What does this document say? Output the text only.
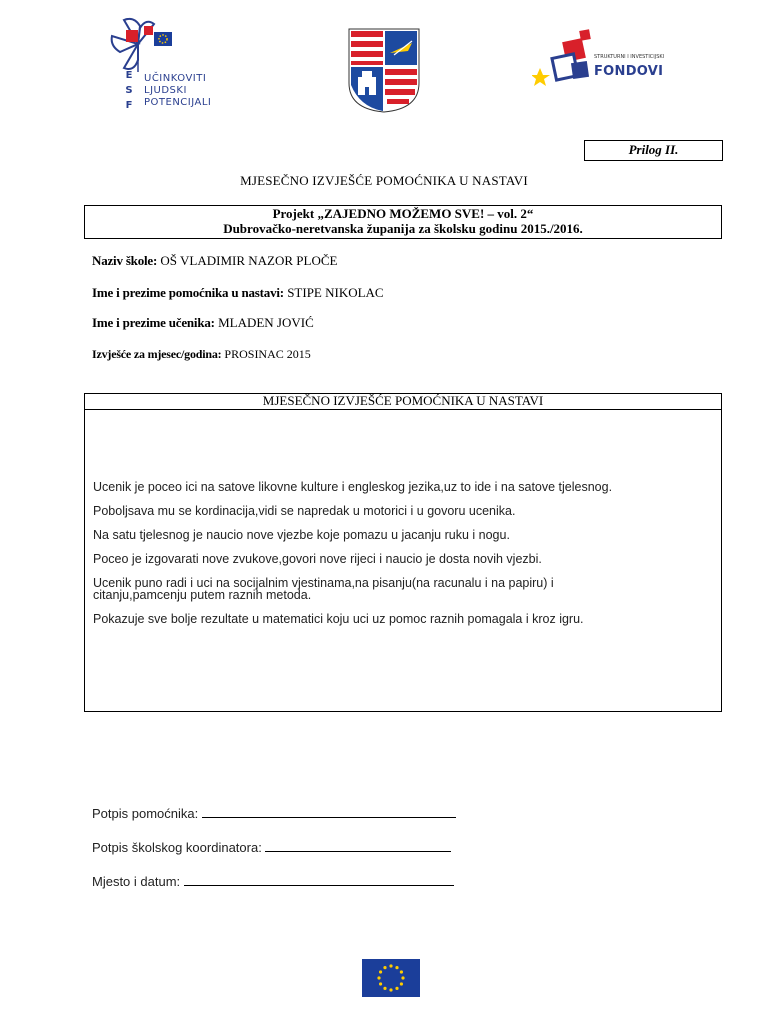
E
S
F
UČINKOVITI
LJUDSKI
POTENCIJALI
STRUKTURNI I INVESTICIJSKI
FONDOVI
Prilog II.
MJESEČNO IZVJEŠĆE POMOĆNIKA U NASTAVI
Projekt „ZAJEDNO MOŽEMO SVE! – vol. 2“
Dubrovačko-neretvanska županija za školsku godinu 2015./2016.
Naziv škole: OŠ VLADIMIR NAZOR PLOČE
Ime i prezime pomoćnika u nastavi: STIPE NIKOLAC
Ime i prezime učenika: MLADEN JOVIĆ
Izvješće za mjesec/godina: PROSINAC 2015
MJESEČNO IZVJEŠĆE POMOĆNIKA U NASTAVI
Ucenik je poceo ici na satove likovne kulture i engleskog jezika,uz to ide i na satove tjelesnog.
Poboljsava mu se kordinacija,vidi se napredak u motorici i u govoru ucenika.
Na satu tjelesnog je naucio nove vjezbe koje pomazu u jacanju ruku i nogu.
Poceo je izgovarati nove zvukove,govori nove rijeci i naucio je dosta novih vjezbi.
Ucenik puno radi i uci na socijalnim vjestinama,na pisanju(na racunalu i na papiru) i
citanju,pamcenju putem raznih metoda.
Pokazuje sve bolje rezultate u matematici koju uci uz pomoc raznih pomagala i kroz igru.
Potpis pomoćnika:
Potpis školskog koordinatora:
Mjesto i datum:
